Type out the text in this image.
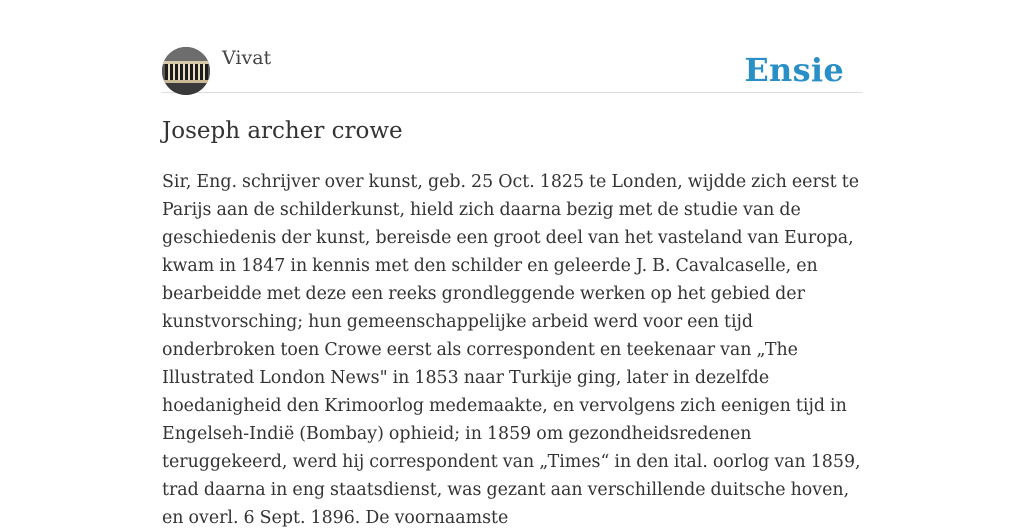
Vivat	Ensie
Joseph archer crowe

Sir, Eng. schrijver over kunst, geb. 25 Oct. 1825 te Londen, wijdde zich eerst te Parijs aan de schilderkunst, hield zich daarna bezig met de studie van de geschiedenis der kunst, bereisde een groot deel van het vasteland van Europa, kwam in 1847 in kennis met den schilder en geleerde J. B. Cavalcaselle, en bearbeidde met deze een reeks grondleggende werken op het gebied der kunstvorsching; hun gemeenschappelijke arbeid werd voor een tijd onderbroken toen Crowe eerst als correspondent en teekenaar van „The Illustrated London News" in 1853 naar Turkije ging, later in dezelfde hoedanigheid den Krimoorlog medemaakte, en vervolgens zich eenigen tijd in Engelseh-Indië (Bombay) ophieid; in 1859 om gezondheidsredenen teruggekeerd, werd hij correspondent van „Times“ in den ital. oorlog van 1859, trad daarna in eng staatsdienst, was gezant aan verschillende duitsche hoven, en overl. 6 Sept. 1896. De voornaamste
